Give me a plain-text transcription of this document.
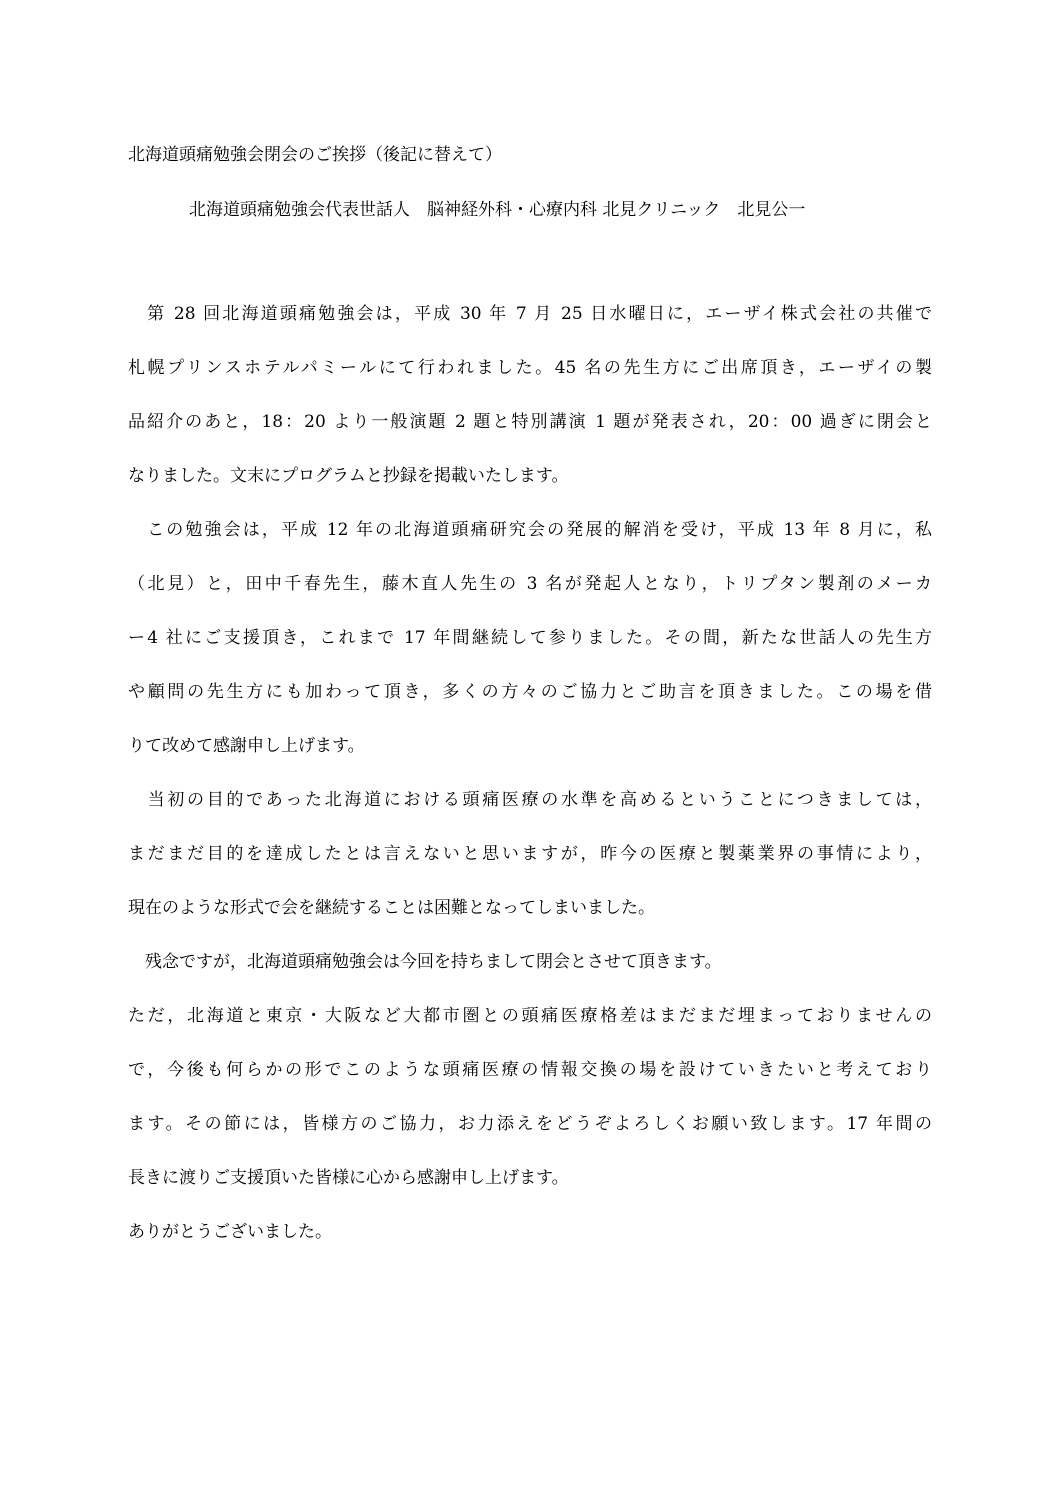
北海道頭痛勉強会閉会のご挨拶（後記に替えて）
北海道頭痛勉強会代表世話人　脳神経外科・心療内科 北見クリニック　北見公一
　第 28 回北海道頭痛勉強会は，平成 30 年 7 月 25 日水曜日に，エーザイ株式会社の共催で
札幌プリンスホテルパミールにて行われました。45 名の先生方にご出席頂き，エーザイの製
品紹介のあと，18：20 より一般演題 2 題と特別講演 1 題が発表され，20：00 過ぎに閉会と
なりました。文末にプログラムと抄録を掲載いたします。
　この勉強会は，平成 12 年の北海道頭痛研究会の発展的解消を受け，平成 13 年 8 月に，私
（北見）と，田中千春先生，藤木直人先生の 3 名が発起人となり，トリプタン製剤のメーカ
ー4 社にご支援頂き，これまで 17 年間継続して参りました。その間，新たな世話人の先生方
や顧問の先生方にも加わって頂き，多くの方々のご協力とご助言を頂きました。この場を借
りて改めて感謝申し上げます。
　当初の目的であった北海道における頭痛医療の水準を高めるということにつきましては，
まだまだ目的を達成したとは言えないと思いますが，昨今の医療と製薬業界の事情により，
現在のような形式で会を継続することは困難となってしまいました。
　残念ですが，北海道頭痛勉強会は今回を持ちまして閉会とさせて頂きます。
ただ，北海道と東京・大阪など大都市圏との頭痛医療格差はまだまだ埋まっておりませんの
で，今後も何らかの形でこのような頭痛医療の情報交換の場を設けていきたいと考えており
ます。その節には，皆様方のご協力，お力添えをどうぞよろしくお願い致します。17 年間の
長きに渡りご支援頂いた皆様に心から感謝申し上げます。
ありがとうございました。
